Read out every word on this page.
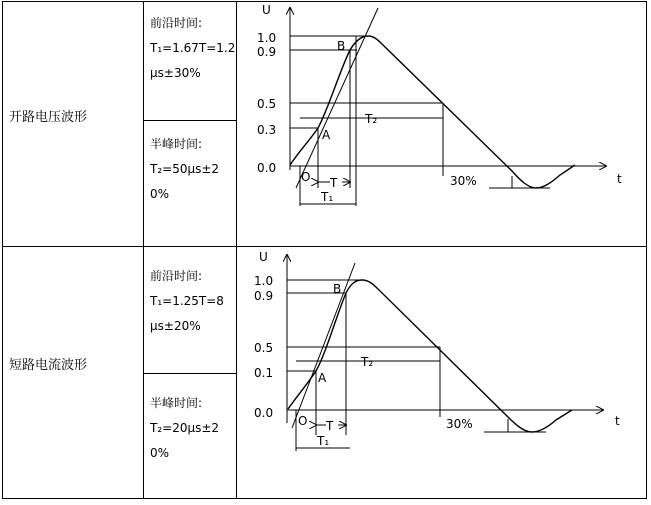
开路电压波形
前沿时间:
T₁=1.67T=1.2μs±30%
半峰时间:
T₂=50μs±20%
短路电流波形
前沿时间:
T₁=1.25T=8μs±20%
半峰时间:
T₂=20μs±20%
U
t
1.0
0.9
0.5
0.3
0.0
30%
A
B
O T
T₁
T₂
U
t
1.0
0.9
0.5
0.1
0.0
30%
A
B
O T
T₁
T₂
